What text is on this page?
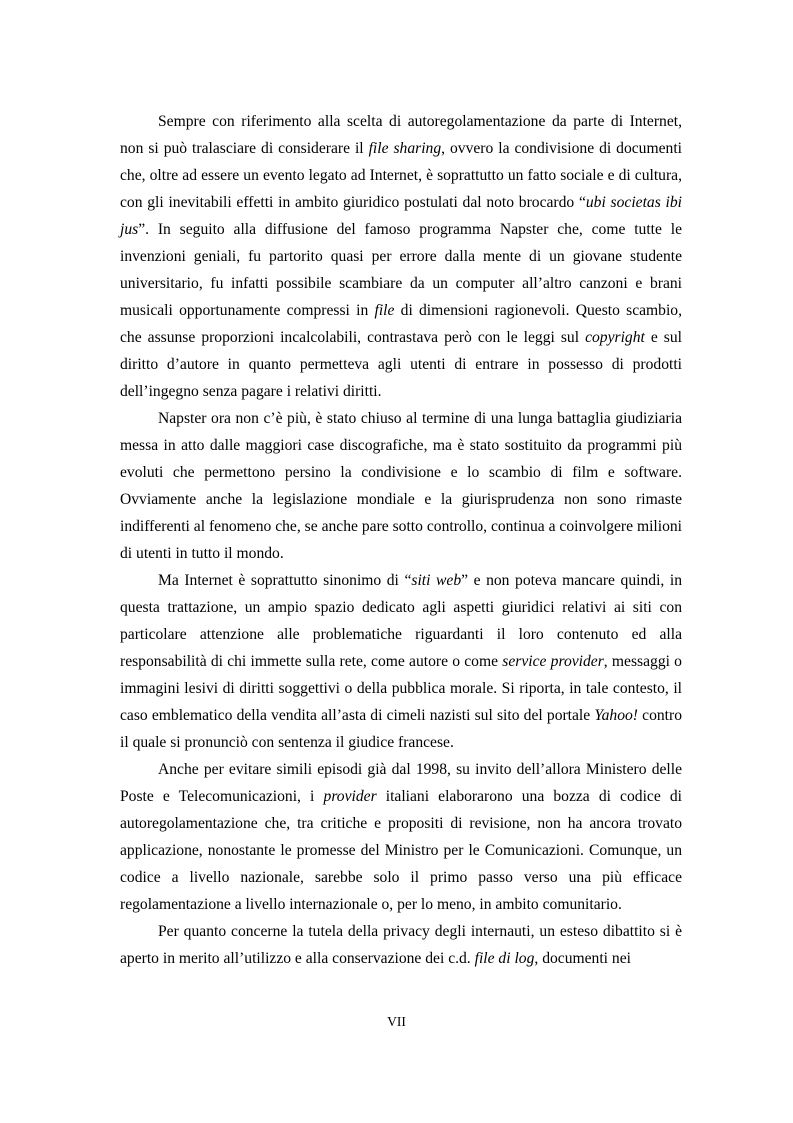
Sempre con riferimento alla scelta di autoregolamentazione da parte di Internet, non si può tralasciare di considerare il file sharing, ovvero la condivisione di documenti che, oltre ad essere un evento legato ad Internet, è soprattutto un fatto sociale e di cultura, con gli inevitabili effetti in ambito giuridico postulati dal noto brocardo “ubi societas ibi jus”. In seguito alla diffusione del famoso programma Napster che, come tutte le invenzioni geniali, fu partorito quasi per errore dalla mente di un giovane studente universitario, fu infatti possibile scambiare da un computer all’altro canzoni e brani musicali opportunamente compressi in file di dimensioni ragionevoli. Questo scambio, che assunse proporzioni incalcolabili, contrastava però con le leggi sul copyright e sul diritto d’autore in quanto permetteva agli utenti di entrare in possesso di prodotti dell’ingegno senza pagare i relativi diritti.

Napster ora non c’è più, è stato chiuso al termine di una lunga battaglia giudiziaria messa in atto dalle maggiori case discografiche, ma è stato sostituito da programmi più evoluti che permettono persino la condivisione e lo scambio di film e software. Ovviamente anche la legislazione mondiale e la giurisprudenza non sono rimaste indifferenti al fenomeno che, se anche pare sotto controllo, continua a coinvolgere milioni di utenti in tutto il mondo.

Ma Internet è soprattutto sinonimo di “siti web” e non poteva mancare quindi, in questa trattazione, un ampio spazio dedicato agli aspetti giuridici relativi ai siti con particolare attenzione alle problematiche riguardanti il loro contenuto ed alla responsabilità di chi immette sulla rete, come autore o come service provider, messaggi o immagini lesivi di diritti soggettivi o della pubblica morale. Si riporta, in tale contesto, il caso emblematico della vendita all’asta di cimeli nazisti sul sito del portale Yahoo! contro il quale si pronunciò con sentenza il giudice francese.

Anche per evitare simili episodi già dal 1998, su invito dell’allora Ministero delle Poste e Telecomunicazioni, i provider italiani elaborarono una bozza di codice di autoregolamentazione che, tra critiche e propositi di revisione, non ha ancora trovato applicazione, nonostante le promesse del Ministro per le Comunicazioni. Comunque, un codice a livello nazionale, sarebbe solo il primo passo verso una più efficace regolamentazione a livello internazionale o, per lo meno, in ambito comunitario.

Per quanto concerne la tutela della privacy degli internauti, un esteso dibattito si è aperto in merito all’utilizzo e alla conservazione dei c.d. file di log, documenti nei

VII
